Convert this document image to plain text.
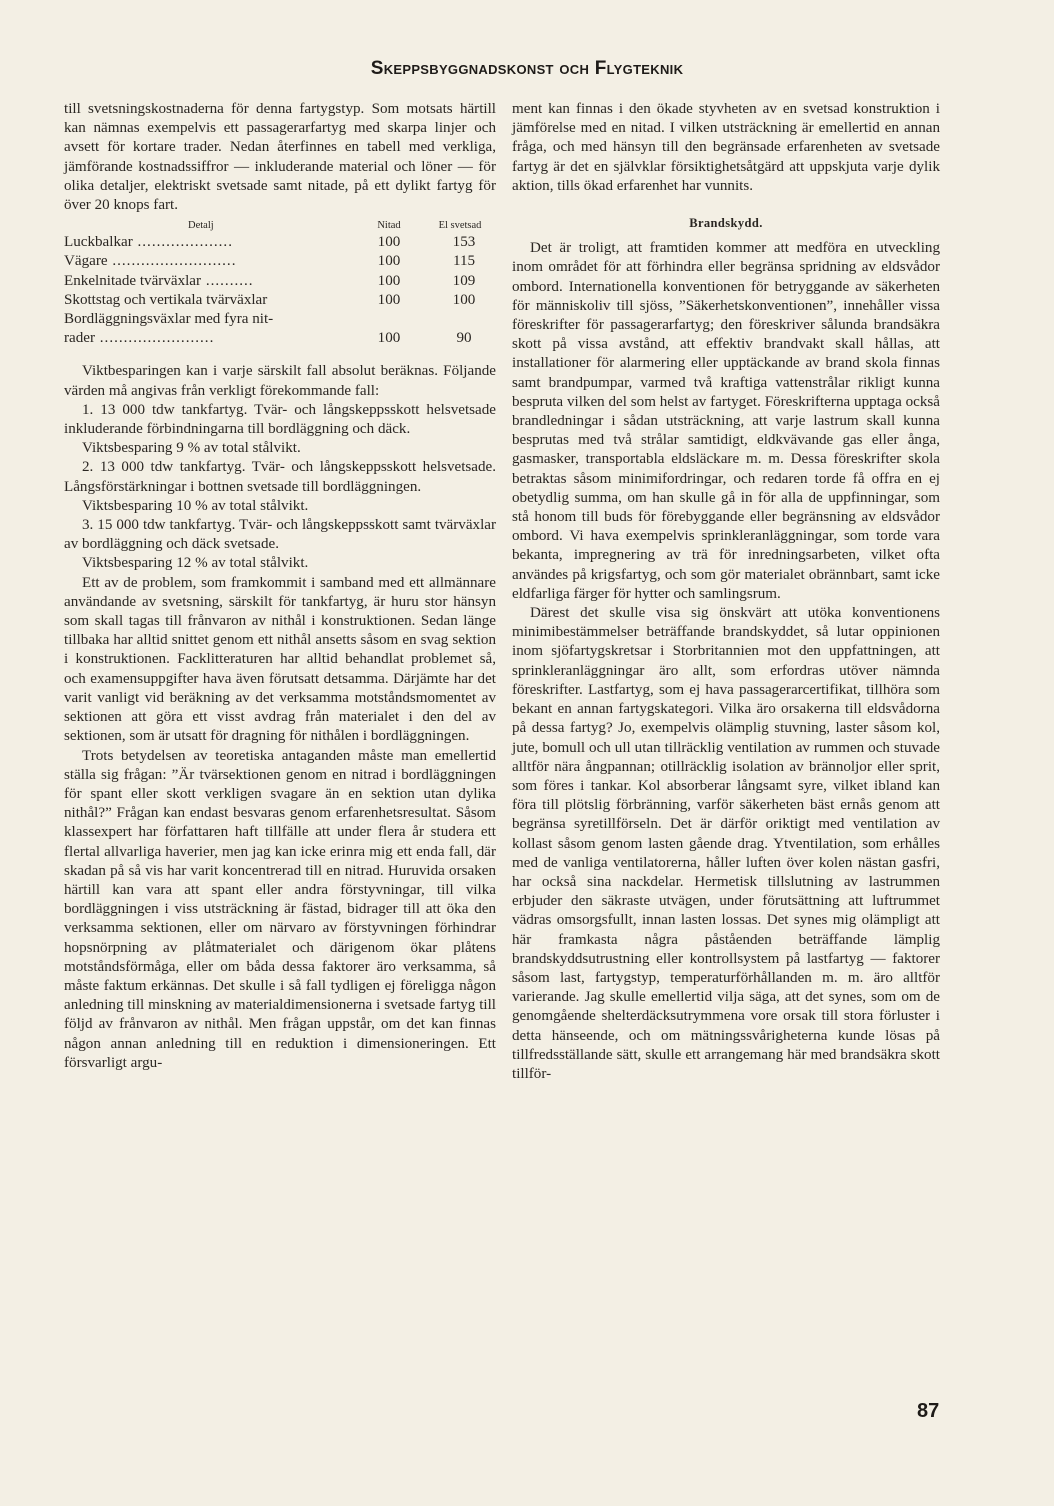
Skeppsbyggnadskonst och Flygteknik

till svetsningskostnaderna för denna fartygstyp. Som motsats härtill kan nämnas exempelvis ett passagerarfartyg med skarpa linjer och avsett för kortare trader. Nedan återfinnes en tabell med verkliga, jämförande kostnadssiffror — inkluderande material och löner — för olika detaljer, elektriskt svetsade samt nitade, på ett dylikt fartyg för över 20 knops fart.

Detalj	Nitad	El svetsad
Luckbalkar ....................	100	153
Vägare ..........................	100	115
Enkelnitade tvärväxlar ..........	100	109
Skottstag och vertikala tvärväxlar	100	100
Bordläggningsväxlar med fyra nit-		
rader ........................	100	90

Viktbesparingen kan i varje särskilt fall absolut beräknas. Följande värden må angivas från verkligt förekommande fall:

1. 13 000 tdw tankfartyg. Tvär- och långskeppsskott helsvetsade inkluderande förbindningarna till bordläggning och däck.

Viktsbesparing 9 % av total stålvikt.

2. 13 000 tdw tankfartyg. Tvär- och långskeppsskott helsvetsade. Långsförstärkningar i bottnen svetsade till bordläggningen.

Viktsbesparing 10 % av total stålvikt.

3. 15 000 tdw tankfartyg. Tvär- och långskeppsskott samt tvärväxlar av bordläggning och däck svetsade.

Viktsbesparing 12 % av total stålvikt.

Ett av de problem, som framkommit i samband med ett allmännare användande av svetsning, särskilt för tankfartyg, är huru stor hänsyn som skall tagas till frånvaron av nithål i konstruktionen. Sedan länge tillbaka har alltid snittet genom ett nithål ansetts såsom en svag sektion i konstruktionen. Facklitteraturen har alltid behandlat problemet så, och examensuppgifter hava även förutsatt detsamma. Därjämte har det varit vanligt vid beräkning av det verksamma motståndsmomentet av sektionen att göra ett visst avdrag från materialet i den del av sektionen, som är utsatt för dragning för nithålen i bordläggningen.

Trots betydelsen av teoretiska antaganden måste man emellertid ställa sig frågan: ”Är tvärsektionen genom en nitrad i bordläggningen för spant eller skott verkligen svagare än en sektion utan dylika nithål?” Frågan kan endast besvaras genom erfarenhetsresultat. Såsom klassexpert har författaren haft tillfälle att under flera år studera ett flertal allvarliga haverier, men jag kan icke erinra mig ett enda fall, där skadan på så vis har varit koncentrerad till en nitrad. Huruvida orsaken härtill kan vara att spant eller andra förstyvningar, till vilka bordläggningen i viss utsträckning är fästad, bidrager till att öka den verksamma sektionen, eller om närvaro av förstyvningen förhindrar hopsnörpning av plåtmaterialet och därigenom ökar plåtens motståndsförmåga, eller om båda dessa faktorer äro verksamma, så måste faktum erkännas. Det skulle i så fall tydligen ej föreligga någon anledning till minskning av materialdimensionerna i svetsade fartyg till följd av frånvaron av nithål. Men frågan uppstår, om det kan finnas någon annan anledning till en reduktion i dimensioneringen. Ett försvarligt argu-

ment kan finnas i den ökade styvheten av en svetsad konstruktion i jämförelse med en nitad. I vilken utsträckning är emellertid en annan fråga, och med hänsyn till den begränsade erfarenheten av svetsade fartyg är det en självklar försiktighetsåtgärd att uppskjuta varje dylik aktion, tills ökad erfarenhet har vunnits.

Brandskydd.

Det är troligt, att framtiden kommer att medföra en utveckling inom området för att förhindra eller begränsa spridning av eldsvådor ombord. Internationella konventionen för betryggande av säkerheten för människoliv till sjöss, ”Säkerhetskonventionen”, innehåller vissa föreskrifter för passagerarfartyg; den föreskriver sålunda brandsäkra skott på vissa avstånd, att effektiv brandvakt skall hållas, att installationer för alarmering eller upptäckande av brand skola finnas samt brandpumpar, varmed två kraftiga vattenstrålar rikligt kunna bespruta vilken del som helst av fartyget. Föreskrifterna upptaga också brandledningar i sådan utsträckning, att varje lastrum skall kunna besprutas med två strålar samtidigt, eldkvävande gas eller ånga, gasmasker, transportabla eldsläckare m. m. Dessa föreskrifter skola betraktas såsom minimifordringar, och redaren torde få offra en ej obetydlig summa, om han skulle gå in för alla de uppfinningar, som stå honom till buds för förebyggande eller begränsning av eldsvådor ombord. Vi hava exempelvis sprinkleranläggningar, som torde vara bekanta, impregnering av trä för inredningsarbeten, vilket ofta användes på krigsfartyg, och som gör materialet obrännbart, samt icke eldfarliga färger för hytter och samlingsrum.

Därest det skulle visa sig önskvärt att utöka konventionens minimibestämmelser beträffande brandskyddet, så lutar oppinionen inom sjöfartygskretsar i Storbritannien mot den uppfattningen, att sprinkleranläggningar äro allt, som erfordras utöver nämnda föreskrifter. Lastfartyg, som ej hava passagerarcertifikat, tillhöra som bekant en annan fartygskategori. Vilka äro orsakerna till eldsvådorna på dessa fartyg? Jo, exempelvis olämplig stuvning, laster såsom kol, jute, bomull och ull utan tillräcklig ventilation av rummen och stuvade alltför nära ångpannan; otillräcklig isolation av brännoljor eller sprit, som föres i tankar. Kol absorberar långsamt syre, vilket ibland kan föra till plötslig förbränning, varför säkerheten bäst ernås genom att begränsa syretillförseln. Det är därför oriktigt med ventilation av kollast såsom genom lasten gående drag. Ytventilation, som erhålles med de vanliga ventilatorerna, håller luften över kolen nästan gasfri, har också sina nackdelar. Hermetisk tillslutning av lastrummen erbjuder den säkraste utvägen, under förutsättning att luftrummet vädras omsorgsfullt, innan lasten lossas. Det synes mig olämpligt att här framkasta några påståenden beträffande lämplig brandskyddsutrustning eller kontrollsystem på lastfartyg — faktorer såsom last, fartygstyp, temperaturförhållanden m. m. äro alltför varierande. Jag skulle emellertid vilja säga, att det synes, som om de genomgående shelterdäcksutrymmena vore orsak till stora förluster i detta hänseende, och om mätningssvårigheterna kunde lösas på tillfredsställande sätt, skulle ett arrangemang här med brandsäkra skott tillför-

87
